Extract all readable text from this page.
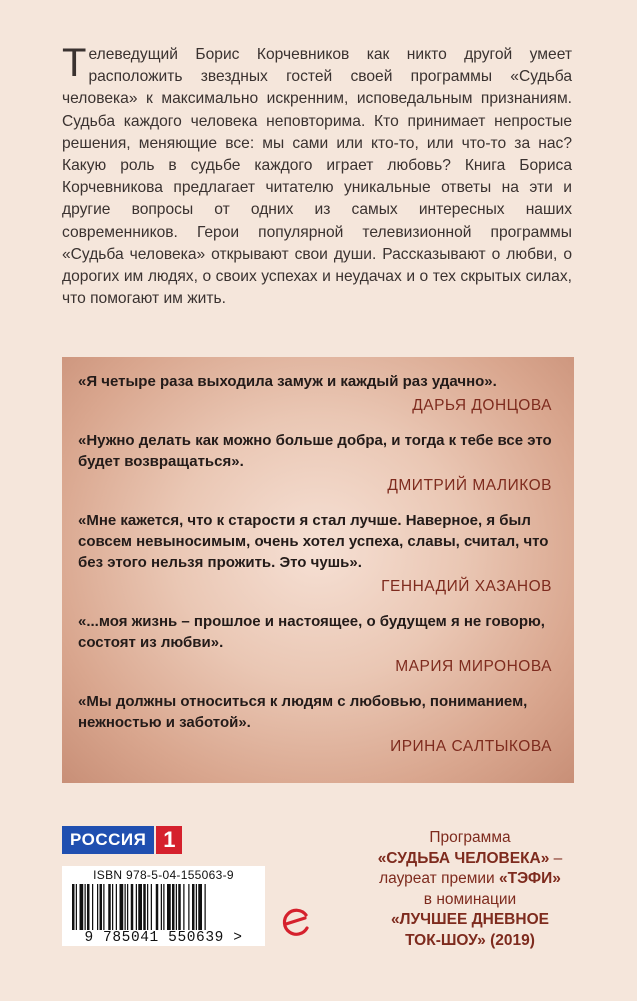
Телеведущий Борис Корчевников как никто другой умеет расположить звездных гостей своей программы «Судьба человека» к максимально искренним, исповедальным признаниям. Судьба каждого человека неповторима. Кто принимает непростые решения, меняющие все: мы сами или кто-то, или что-то за нас? Какую роль в судьбе каждого играет любовь? Книга Бориса Корчевникова предлагает читателю уникальные ответы на эти и другие вопросы от одних из самых интересных наших современников. Герои популярной телевизионной программы «Судьба человека» открывают свои души. Рассказывают о любви, о дорогих им людях, о своих успехах и неудачах и о тех скрытых силах, что помогают им жить.
«Я четыре раза выходила замуж и каждый раз удачно».
ДАРЬЯ ДОНЦОВА
«Нужно делать как можно больше добра, и тогда к тебе все это будет возвращаться».
ДМИТРИЙ МАЛИКОВ
«Мне кажется, что к старости я стал лучше. Наверное, я был совсем невыносимым, очень хотел успеха, славы, считал, что без этого нельзя прожить. Это чушь».
ГЕННАДИЙ ХАЗАНОВ
«...моя жизнь – прошлое и настоящее, о будущем я не говорю, состоят из любви».
МАРИЯ МИРОНОВА
«Мы должны относиться к людям с любовью, пониманием, нежностью и заботой».
ИРИНА САЛТЫКОВА
РОССИЯ 1
ISBN 978-5-04-155063-9
9 785041 550639 >
Программа
«СУДЬБА ЧЕЛОВЕКА» –
лауреат премии «ТЭФИ»
в номинации
«ЛУЧШЕЕ ДНЕВНОЕ
ТОК-ШОУ» (2019)
